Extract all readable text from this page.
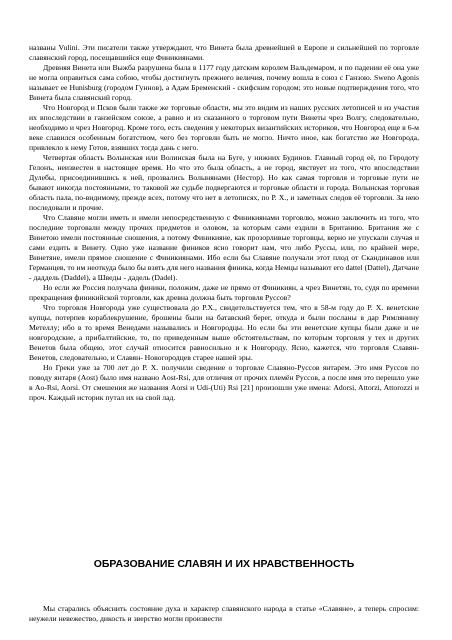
названы Vulini. Эти писатели также утверждают, что Винета была древнейшей в Европе и сильнейшей по торговле славянский город, посещавшийся еще Финикиянами.

Древняя Винета или Выжба разрушена была в 1177 году датским королем Вальдемаром, и по падении её она уже не могла оправиться сама собою, чтобы достигнуть прежнего величия, почему вошла в союз с Ганзою. Sweno Agonis называет ее Hunisburg (городом Гуннов), а Адам Бременский - скифским городом; это новые подтверждения того, что Винета была славянский город.

Что Новгород и Псков были также же торговые области, мы это видим из наших русских летописей и из участия их впоследствии в ганзейском союзе, а равно и из сказанного о торговом пути Винеты чрез Волгу, следовательно, необходимо и чрез Новгород. Кроме того, есть сведения у некоторых византийских историков, что Новгород еще в 6-м веке славился особенным богатством, чего без торговли быть не могло. Ничто иное, как богатство же Новгорода, привлекло к нему Готов, взявших тогда дань с него.

Четвертая область Волынская или Волинская была на Буге, у нижних Будинов. Главный город её, по Геродоту Гелонъ, неизвестен в настоящее время. Но что это была область, а не город, явствует из того, что впоследствии Дулебы, присоединившись к ней, прозвались Волынянами (Нестор). Но как самая торговля и торговые пути не бывают никогда постоянными, то таковой же судьбе подвергаются и торговые области и города. Волынская торговая область пала, по-видимому, прежде всех, потому что нет в летописях, по Р. Х., и заметных следов её торговли. За нею последовали и прочие.

Что Славяне могли иметь и имели непосредственную с Финикиянами торговлю, можно заключить из того, что последние торговали между прочих предметов и оловом, за которым сами ездили в Британию. Британия же с Винетою имели постоянные сношения, а потому Финикияне, как прозорливые торговцы, верно не упускали случая и сами ездить в Винету. Одно уже название фиников ясно говорит нам, что либо Руссы, или, по крайней мере, Винетяне, имели прямое сношение с Финикиянами. Ибо если бы Славяне получали этот плод от Скандинавов или Германцев, то им неоткуда было бы взять для него названия финика, когда Немцы называют его dattel (Dattel), Датчане - даддель (Daddel), а Шведы - дадель (Dadel).

Но если же Россия получала финики, положим, даже не прямо от Финикиян, а чрез Винетян, то, судя по времени прекращения финикийской торговли, как древна должна быть торговля Руссов?

Что торговля Новгорода уже существовала до Р.Х., свидетельствуется тем, что в 58-м году до Р. Х. венетские купцы, потерпев кораблекрушение, брошены были на батавский берег, откуда и были посланы в дар Римлянину Метеллу; ибо в то время Венедами назывались и Новгородцы. Но если бы эти венетские купцы были даже и не новгородские, а прибалтийские, то, по приведенным выше обстоятельствам, по которым торговля у тех и других Венетов была общею, этот случай относится равносильно и к Новгороду. Ясно, кажется, что торговля Славян-Венетов, следовательно, и Славян- Новогородцев старее нашей эры.

Но Греки уже за 700 лет до Р. Х. получили сведение о торговле Славяно-Руссов янтарем. Это имя Руссов по поводу янтаря (Aost) было имя названо Aost-Rsi, для отличия от прочих племён Руссов, а после имя это перешло уже в Ao-Rsi, Aorsi. От смешения же названия Aorsi и Udi-(Uti) Rsi [21] произошли уже имена: Adorsi, Attorzi, Attorozzi и проч. Каждый историк путал их на свой лад.

ОБРАЗОВАНИЕ СЛАВЯН И ИХ НРАВСТВЕННОСТЬ

Мы старались объяснить состояние духа и характер славянского народа в статье «Славяне», а теперь спросим: неужели невежество, дикость и зверство могли произвести
